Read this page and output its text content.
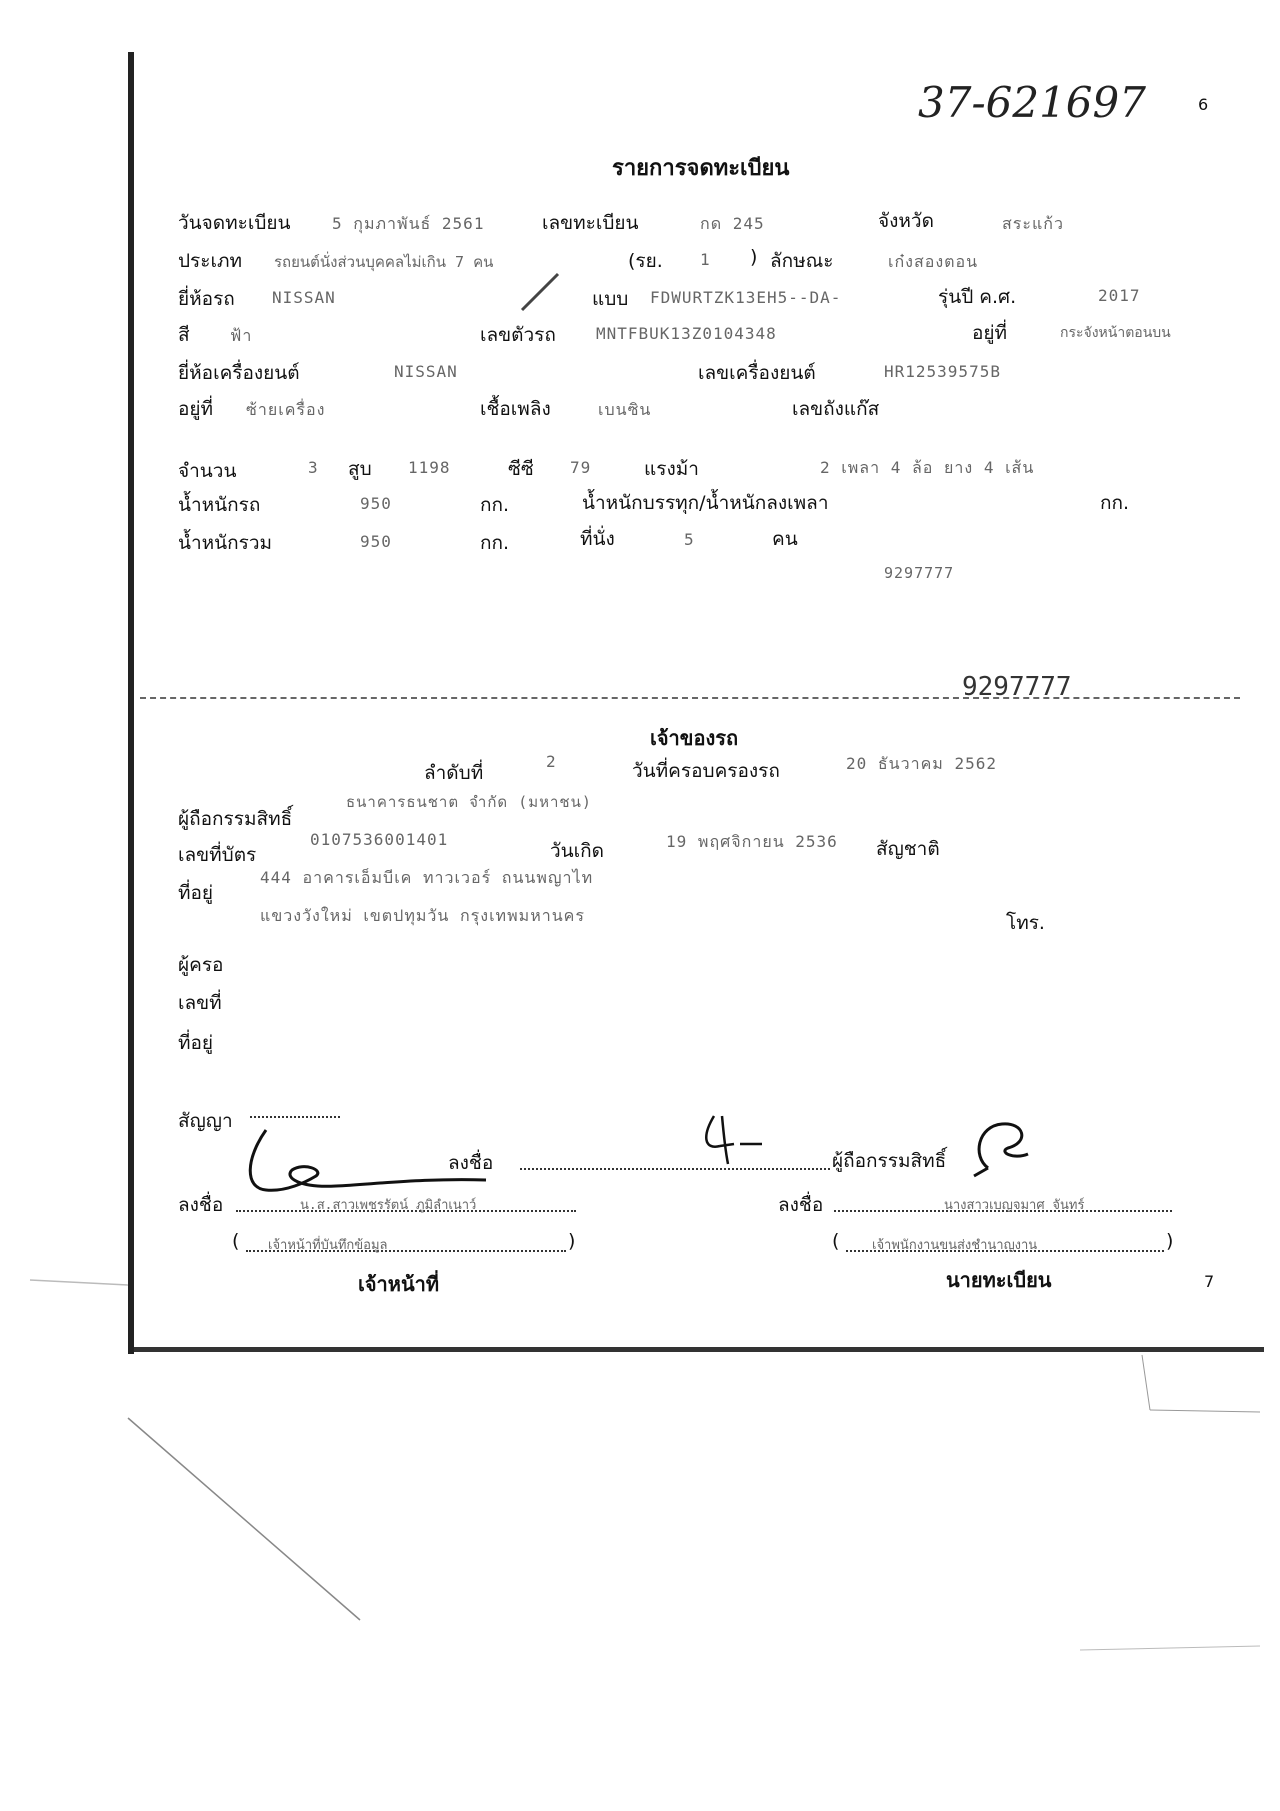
37-621697	6
รายการจดทะเบียน
วันจดทะเบียน	5 กุมภาพันธ์ 2561	เลขทะเบียน	กด 245	จังหวัด	สระแก้ว
ประเภท รถยนต์นั่งส่วนบุคคลไม่เกิน 7 คน	(รย. 1 ) ลักษณะ	เก๋งสองตอน
ยี่ห้อรถ NISSAN	แบบ FDWURTZK13EH5--DA-	รุ่นปี ค.ศ.	2017
สี	ฟ้า	เลขตัวรถ	MNTFBUK13Z0104348	อยู่ที่	กระจังหน้าตอนบน
ยี่ห้อเครื่องยนต์	NISSAN	เลขเครื่องยนต์	HR12539575B
อยู่ที่ ซ้ายเครื่อง	เชื้อเพลิง	เบนซิน	เลขถังแก๊ส
จำนวน	3 สูบ 1198	ซีซี 79	แรงม้า	2 เพลา 4 ล้อ ยาง 4 เส้น
น้ำหนักรถ	950	กก.	น้ำหนักบรรทุก/น้ำหนักลงเพลา	กก.
น้ำหนักรวม	950	กก.	ที่นั่ง	5	คน
9297777
9297777
เจ้าของรถ
ลำดับที่
2	วันที่ครอบครองรถ	20 ธันวาคม 2562
ผู้ถือกรรมสิทธิ์
ธนาคารธนชาต จำกัด (มหาชน)
เลขที่บัตร
0107536001401
วันเกิด	19 พฤศจิกายน 2536 สัญชาติ
ที่อยู่
444 อาคารเอ็มบีเค ทาวเวอร์ ถนนพญาไท
แขวงวังใหม่ เขตปทุมวัน กรุงเทพมหานคร	โทร.
ผู้ครอ
เลขที่
ที่อยู่
สัญญา
ลงชื่อ	ผู้ถือกรรมสิทธิ์
ลงชื่อ	น.ส.สาวเพชรรัตน์ ภูมิลำเนาว์	ลงชื่อ	นางสาวเบญจมาศ จันทร์
( เจ้าหน้าที่บันทึกข้อมูล	)	(	เจ้าพนักงานขนส่งชำนาญงาน	)
เจ้าหน้าที่	นายทะเบียน	7
